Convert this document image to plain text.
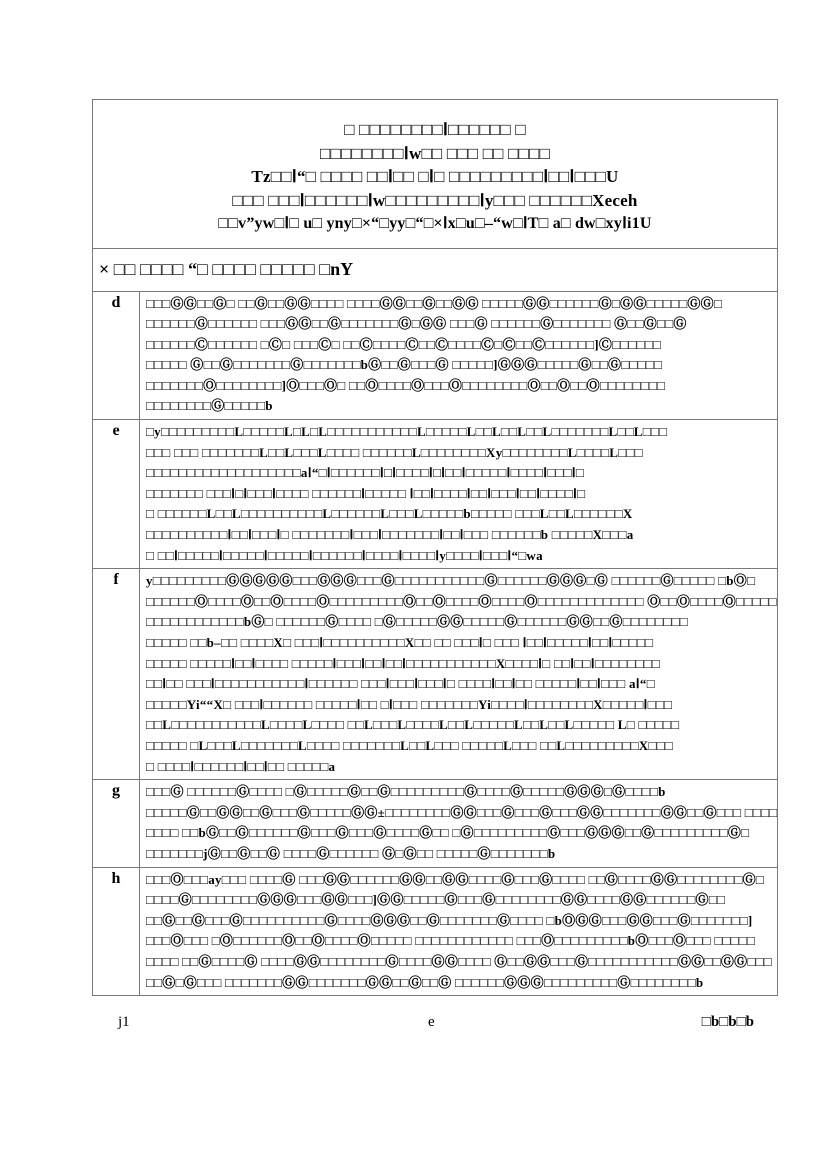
□ □□□□□□□□Ⅰ□□□□□□ □
□□□□□□□□Ⅰw□□ □□□ □□ □□□□
Ƭz□□Ⅰ“□ □□□□ □□Ⅰ□□ □Ⅰ□ □□□□□□□□□Ⅰ□□Ⅰ□□□U
□□□ □□□Ⅰ□□□□□□Ⅰw□□□□□□□□□Ⅰy□□□ □□□□□□Xeceh
□□v”yw□Ⅰ□ u□ yny□×“□yy□“□×Ⅰx□u□–“w□ⅠƬ□ a□ dw□xyⅠi1U
× □□ □□□□ “□ □□□□ □□□□□ □nY
d	□□□ⒼⒼ□□Ⓖ□ □□Ⓖ□□ⒼⒼ□□□□ □□□□ⒼⒼ□□Ⓖ□□ⒼⒼ □□□□□ⒼⒼ□□□□□□Ⓖ□ⒼⒼ□□□□□ⒼⒼ□
□□□□□□Ⓖ□□□□□□ □□□ⒼⒼ□□Ⓖ□□□□□□□Ⓖ□ⒼⒼ □□□Ⓖ □□□□□□Ⓖ□□□□□□□ Ⓖ□□Ⓖ□□Ⓖ
□□□□□□Ⓒ□□□□□□ □Ⓒ□ □□□Ⓒ□ □□Ⓒ□□□□Ⓒ□□Ⓒ□□□□Ⓒ□Ⓒ□□Ⓒ□□□□□□]Ⓒ□□□□□□
□□□□□ Ⓖ□□Ⓖ□□□□□□□Ⓖ□□□□□□□bⒼ□□Ⓖ□□□Ⓖ □□□□□]ⒼⒼⒼ□□□□□Ⓖ□□Ⓖ□□□□□
□□□□□□□Ⓞ□□□□□□□□]Ⓞ□□□Ⓞ□ □□Ⓞ□□□□Ⓞ□□□Ⓞ□□□□□□□□Ⓞ□□Ⓞ□□Ⓞ□□□□□□□□
□□□□□□□□Ⓖ□□□□□b
e	□y□□□□□□□□□L□□□□□L□L□L□□□□□□□□□□□L□□□□□L□□L□□L□□L□□□□□□□L□□L□□□
□□□ □□□ □□□□□□□L□□L□□□L□□□□ □□□□□□L□□□□□□□□Xy□□□□□□□□L□□□□L□□□
□□□□□□□□□□□□□□□□□□□aⅠ“□Ⅰ□□□□□□Ⅰ□Ⅰ□□□□Ⅰ□Ⅰ□□Ⅰ□□□□□Ⅰ□□□□Ⅰ□□□Ⅰ□
□□□□□□□ □□□Ⅰ□Ⅰ□□□Ⅰ□□□□ □□□□□□Ⅰ□□□□□ Ⅰ□□Ⅰ□□□□Ⅰ□□Ⅰ□□□Ⅰ□□Ⅰ□□□□Ⅰ□
□ □□□□□□L□□L□□□□□□□□□□L□□□□□□L□□□L□□□□□b□□□□□ □□□L□□L□□□□□□X
□□□□□□□□□□Ⅰ□□Ⅰ□□□Ⅰ□ □□□□□□□Ⅰ□□□Ⅰ□□□□□□□Ⅰ□□Ⅰ□□□ □□□□□□b □□□□□X□□□a
□ □□Ⅰ□□□□□Ⅰ□□□□□Ⅰ□□□□□Ⅰ□□□□□□Ⅰ□□□□Ⅰ□□□□Ⅰy□□□□Ⅰ□□□Ⅰ“□wa
f	y□□□□□□□□□ⒼⒼⒼⒼⒼ□□□ⒼⒼⒼ□□□Ⓖ□□□□□□□□□□□Ⓖ□□□□□□ⒼⒼⒼ□Ⓖ □□□□□□Ⓖ□□□□□ □bⓄ□
□□□□□□Ⓞ□□□□Ⓞ□□Ⓞ□□□□Ⓞ□□□□□□□□□Ⓞ□□Ⓞ□□□□Ⓞ□□□□Ⓞ□□□□□□□□□□□□□ Ⓞ□□Ⓞ□□□□Ⓞ□□□□□
□□□□□□□□□□□□bⒼ□ □□□□□□Ⓖ□□□□ □Ⓖ□□□□□ⒼⒼ□□□□□Ⓖ□□□□□□ⒼⒼ□□Ⓖ□□□□□□□□
□□□□□ □□b–□□ □□□□X□ □□□Ⅰ□□□□□□□□□□X□□ □□ □□□Ⅰ□ □□□ Ⅰ□□Ⅰ□□□□□Ⅰ□□Ⅰ□□□□□
□□□□□ □□□□□Ⅰ□□Ⅰ□□□□ □□□□□Ⅰ□□□Ⅰ□□Ⅰ□□Ⅰ□□□□□□□□□□□X□□□□Ⅰ□ □□Ⅰ□□Ⅰ□□□□□□□□
□□Ⅰ□□ □□□Ⅰ□□□□□□□□□□□Ⅰ□□□□□□ □□□Ⅰ□□□Ⅰ□□□Ⅰ□ □□□□Ⅰ□□Ⅰ□□ □□□□□Ⅰ□□Ⅰ□□□ aⅠ“□
□□□□□Yi““X□ □□□Ⅰ□□□□□□ □□□□□Ⅰ□□ □Ⅰ□□□ □□□□□□□Yi□□□□Ⅰ□□□□□□□□X□□□□□Ⅰ□□□
□□L□□□□□□□□□□□L□□□□L□□□□ □□L□□□L□□□□L□□L□□□□□L□□L□□L□□□□□ L□ □□□□□
□□□□□ □L□□□L□□□□□□□L□□□□ □□□□□□□L□□L□□□ □□□□□L□□□ □□L□□□□□□□□□X□□□
□ □□□□Ⅰ□□□□□□Ⅰ□□Ⅰ□□ □□□□□a
g	□□□Ⓖ □□□□□□Ⓖ□□□□ □Ⓖ□□□□□Ⓖ□□Ⓖ□□□□□□□□□Ⓖ□□□□Ⓖ□□□□□ⒼⒼⒼ□Ⓖ□□□□b
□□□□□Ⓖ□□ⒼⒼ□□Ⓖ□□□Ⓖ□□□□□ⒼⒼ±□□□□□□□□ⒼⒼ□□□Ⓖ□□□Ⓖ□□□ⒼⒼ□□□□□□□ⒼⒼ□□Ⓖ□□□ □□□□
□□□□ □□bⒼ□□Ⓖ□□□□□□Ⓖ□□□Ⓖ□□□Ⓖ□□□□Ⓖ□□ □Ⓖ□□□□□□□□□Ⓖ□□□ⒼⒼⒼ□□Ⓖ□□□□□□□□□Ⓖ□
□□□□□□□jⒼ□□Ⓖ□□Ⓖ □□□□Ⓖ□□□□□□ Ⓖ□Ⓖ□□ □□□□□Ⓖ□□□□□□□b
h	□□□Ⓞ□□□ay□□□ □□□□Ⓖ □□□ⒼⒼ□□□□□□ⒼⒼ□□ⒼⒼ□□□□Ⓖ□□□Ⓖ□□□□ □□Ⓖ□□□□ⒼⒼ□□□□□□□□Ⓖ□
□□□□Ⓖ□□□□□□□□ⒼⒼⒼ□□□ⒼⒼ□□□]ⒼⒼ□□□□□Ⓖ□□□Ⓖ□□□□□□□□ⒼⒼ□□□□ⒼⒼ□□□□□□Ⓖ□□
□□Ⓖ□□Ⓖ□□□Ⓖ□□□□□□□□□□Ⓖ□□□□ⒼⒼⒼ□□Ⓖ□□□□□□□Ⓖ□□□□ □bⓄⒼⒼ□□□ⒼⒼ□□□Ⓖ□□□□□□□]
□□□Ⓞ□□□ □Ⓞ□□□□□□Ⓞ□□Ⓞ□□□□Ⓞ□□□□□ □□□□□□□□□□□□ □□□Ⓞ□□□□□□□□□bⓄ□□□Ⓞ□□□ □□□□□
□□□□ □□Ⓖ□□□□Ⓖ □□□□ⒼⒼ□□□□□□□□Ⓖ□□□□ⒼⒼ□□□□ Ⓖ□□ⒼⒼ□□□Ⓖ□□□□□□□□□□□ⒼⒼ□□ⒼⒼ□□□
□□Ⓖ□Ⓖ□□□ □□□□□□□ⒼⒼ□□□□□□□ⒼⒼ□□Ⓖ□□Ⓖ □□□□□□ⒼⒼⒼ□□□□□□□□□Ⓖ□□□□□□□□b
j1	e	□b□b□b
